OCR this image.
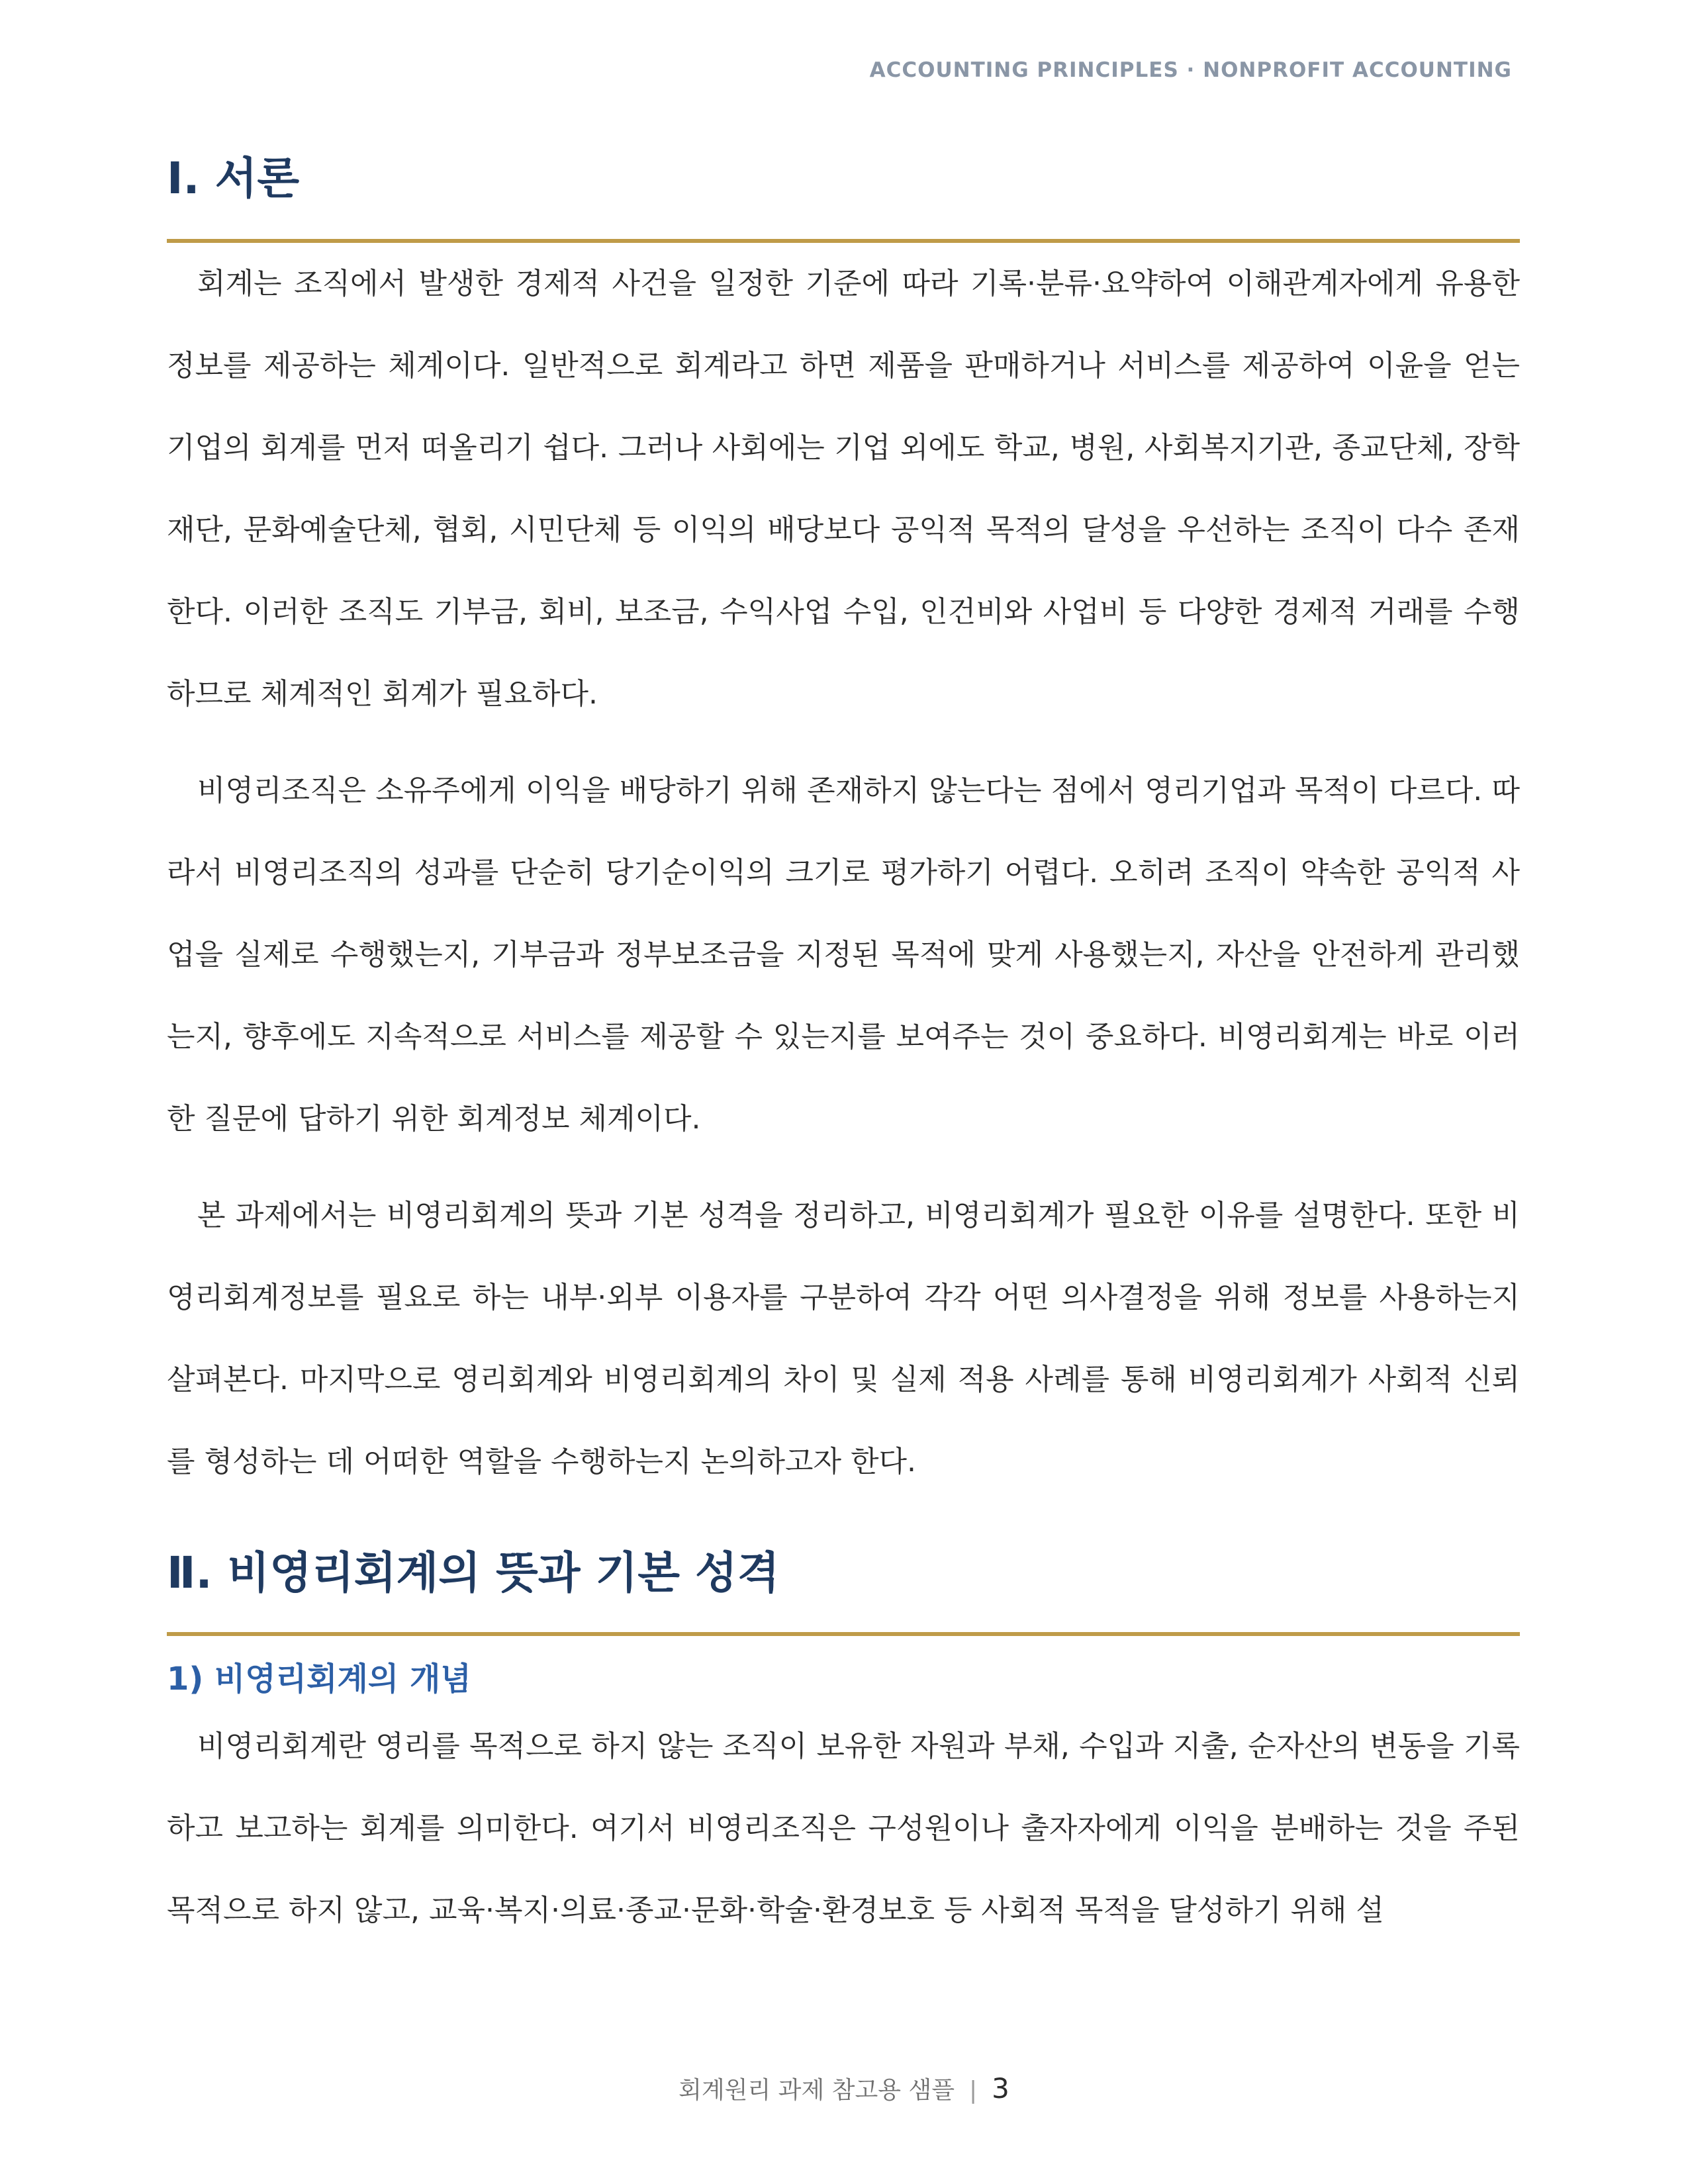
ACCOUNTING PRINCIPLES · NONPROFIT ACCOUNTING
Ⅰ. 서론

회계는 조직에서 발생한 경제적 사건을 일정한 기준에 따라 기록·분류·요약하여 이해관계자에게 유용한 정보를 제공하는 체계이다. 일반적으로 회계라고 하면 제품을 판매하거나 서비스를 제공하여 이윤을 얻는 기업의 회계를 먼저 떠올리기 쉽다. 그러나 사회에는 기업 외에도 학교, 병원, 사회복지기관, 종교단체, 장학재단, 문화예술단체, 협회, 시민단체 등 이익의 배당보다 공익적 목적의 달성을 우선하는 조직이 다수 존재한다. 이러한 조직도 기부금, 회비, 보조금, 수익사업 수입, 인건비와 사업비 등 다양한 경제적 거래를 수행하므로 체계적인 회계가 필요하다.

비영리조직은 소유주에게 이익을 배당하기 위해 존재하지 않는다는 점에서 영리기업과 목적이 다르다. 따라서 비영리조직의 성과를 단순히 당기순이익의 크기로 평가하기 어렵다. 오히려 조직이 약속한 공익적 사업을 실제로 수행했는지, 기부금과 정부보조금을 지정된 목적에 맞게 사용했는지, 자산을 안전하게 관리했는지, 향후에도 지속적으로 서비스를 제공할 수 있는지를 보여주는 것이 중요하다. 비영리회계는 바로 이러한 질문에 답하기 위한 회계정보 체계이다.

본 과제에서는 비영리회계의 뜻과 기본 성격을 정리하고, 비영리회계가 필요한 이유를 설명한다. 또한 비영리회계정보를 필요로 하는 내부·외부 이용자를 구분하여 각각 어떤 의사결정을 위해 정보를 사용하는지 살펴본다. 마지막으로 영리회계와 비영리회계의 차이 및 실제 적용 사례를 통해 비영리회계가 사회적 신뢰를 형성하는 데 어떠한 역할을 수행하는지 논의하고자 한다.

Ⅱ. 비영리회계의 뜻과 기본 성격
1) 비영리회계의 개념

비영리회계란 영리를 목적으로 하지 않는 조직이 보유한 자원과 부채, 수입과 지출, 순자산의 변동을 기록하고 보고하는 회계를 의미한다. 여기서 비영리조직은 구성원이나 출자자에게 이익을 분배하는 것을 주된 목적으로 하지 않고, 교육·복지·의료·종교·문화·학술·환경보호 등 사회적 목적을 달성하기 위해 설

회계원리 과제 참고용 샘플 | 3
